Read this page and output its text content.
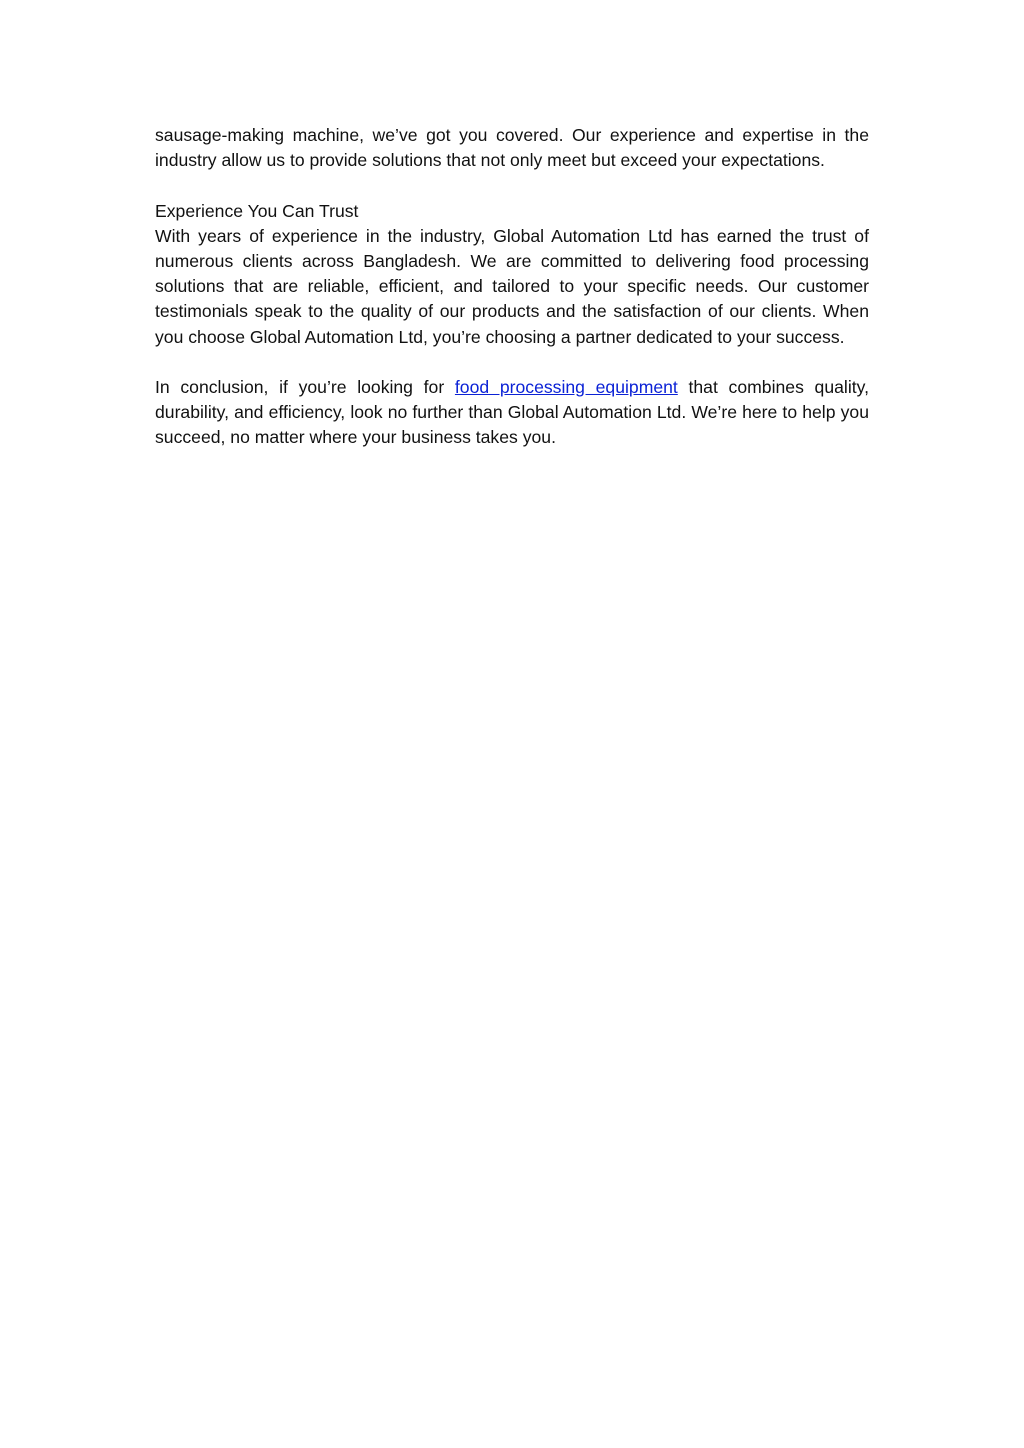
sausage-making machine, we’ve got you covered. Our experience and expertise in the industry allow us to provide solutions that not only meet but exceed your expectations.

Experience You Can Trust

With years of experience in the industry, Global Automation Ltd has earned the trust of numerous clients across Bangladesh. We are committed to delivering food processing solutions that are reliable, efficient, and tailored to your specific needs. Our customer testimonials speak to the quality of our products and the satisfaction of our clients. When you choose Global Automation Ltd, you’re choosing a partner dedicated to your success.

In conclusion, if you’re looking for food processing equipment that combines quality, durability, and efficiency, look no further than Global Automation Ltd. We’re here to help you succeed, no matter where your business takes you.
